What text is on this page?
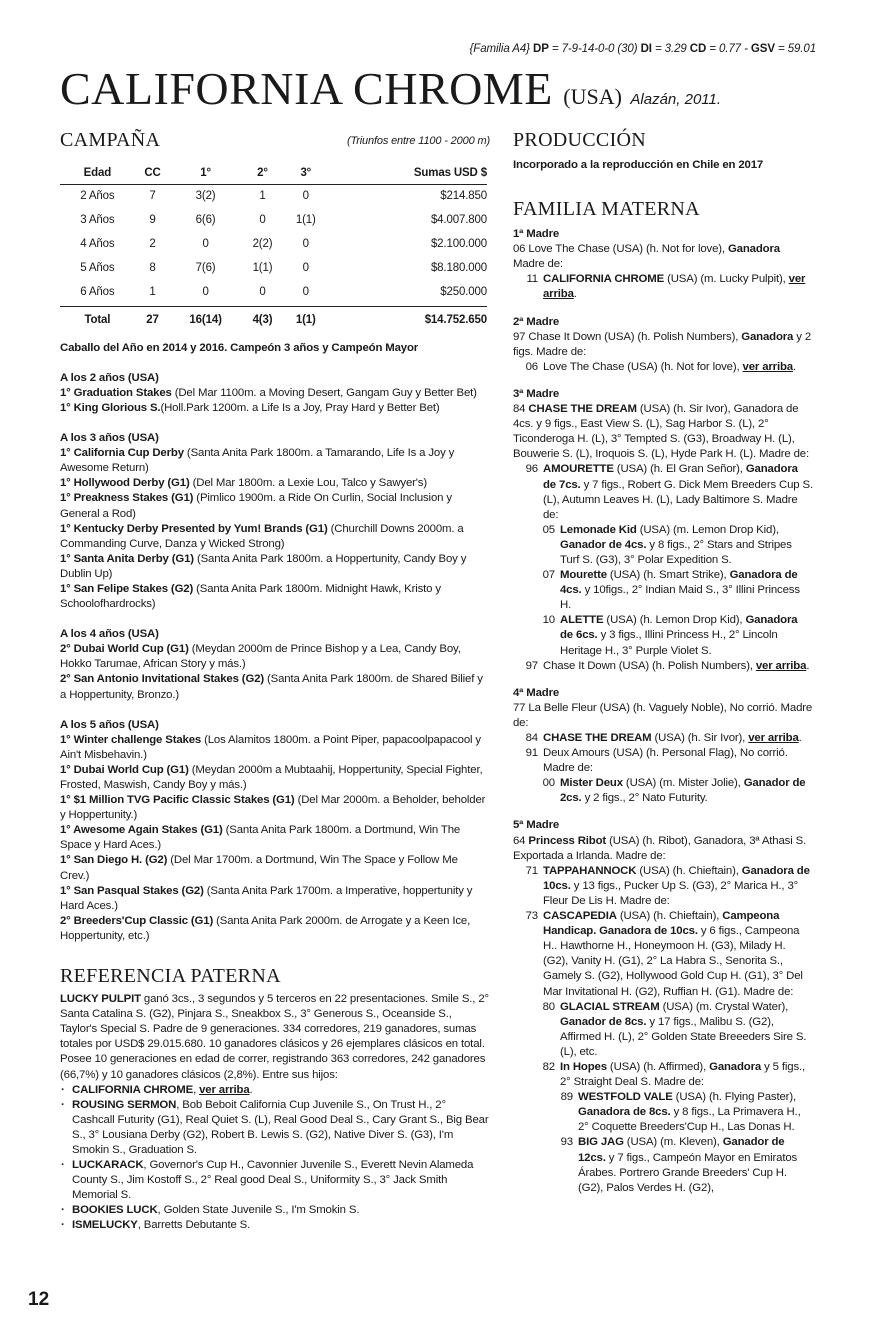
{Familia A4} DP = 7-9-14-0-0 (30) DI = 3.29 CD = 0.77 - GSV = 59.01
CALIFORNIA CHROME (USA) Alazán, 2011.
CAMPAÑA	(Triunfos entre 1100 - 2000 m)
Edad	CC	1°	2°	3°	Sumas USD $
2 Años	7	3(2)	1	0	$214.850
3 Años	9	6(6)	0	1(1)	$4.007.800
4 Años	2	0	2(2)	0	$2.100.000
5 Años	8	7(6)	1(1)	0	$8.180.000
6 Años	1	0	0	0	$250.000
Total	27	16(14)	4(3)	1(1)	$14.752.650

Caballo del Año en 2014 y 2016. Campeón 3 años y Campeón Mayor

A los 2 años (USA)

1° Graduation Stakes (Del Mar 1100m. a Moving Desert, Gangam Guy y Better Bet)

1° King Glorious S.(Holl.Park 1200m. a Life Is a Joy, Pray Hard y Better Bet)

A los 3 años (USA)

1° California Cup Derby (Santa Anita Park 1800m. a Tamarando, Life Is a Joy y Awesome Return)

1° Hollywood Derby (G1) (Del Mar 1800m. a Lexie Lou, Talco y Sawyer's)

1° Preakness Stakes (G1) (Pimlico 1900m. a Ride On Curlin, Social Inclusion y General a Rod)

1° Kentucky Derby Presented by Yum! Brands (G1) (Churchill Downs 2000m. a Commanding Curve, Danza y Wicked Strong)

1° Santa Anita Derby (G1) (Santa Anita Park 1800m. a Hoppertunity, Candy Boy y Dublin Up)

1° San Felipe Stakes (G2) (Santa Anita Park 1800m. Midnight Hawk, Kristo y Schoolofhardrocks)

A los 4 años (USA)

2° Dubai World Cup (G1) (Meydan 2000m de Prince Bishop y a Lea, Candy Boy, Hokko Tarumae, African Story y más.)

2° San Antonio Invitational Stakes (G2) (Santa Anita Park 1800m. de Shared Bilief y a Hoppertunity, Bronzo.)

A los 5 años (USA)

1° Winter challenge Stakes (Los Alamitos 1800m. a Point Piper, papacoolpapacool y Ain't Misbehavin.)

1° Dubai World Cup (G1) (Meydan 2000m a Mubtaahij, Hoppertunity, Special Fighter, Frosted, Maswish, Candy Boy y más.)

1° $1 Million TVG Pacific Classic Stakes (G1) (Del Mar 2000m. a Beholder, beholder y Hoppertunity.)

1° Awesome Again Stakes (G1) (Santa Anita Park 1800m. a Dortmund, Win The Space y Hard Aces.)

1° San Diego H. (G2) (Del Mar 1700m. a Dortmund, Win The Space y Follow Me Crev.)

1° San Pasqual Stakes (G2) (Santa Anita Park 1700m. a Imperative, hoppertunity y Hard Aces.)

2° Breeders'Cup Classic (G1) (Santa Anita Park 2000m. de Arrogate y a Keen Ice, Hoppertunity, etc.)

REFERENCIA PATERNA

LUCKY PULPIT ganó 3cs., 3 segundos y 5 terceros en 22 presentaciones. Smile S., 2° Santa Catalina S. (G2), Pinjara S., Sneakbox S., 3° Generous S., Oceanside S., Taylor's Special S. Padre de 9 generaciones. 334 corredores, 219 ganadores, sumas totales por USD$ 29.015.680. 10 ganadores clásicos y 26 ejemplares clásicos en total. Posee 10 generaciones en edad de correr, registrando 363 corredores, 242 ganadores (66,7%) y 10 ganadores clásicos (2,8%). Entre sus hijos:

· CALIFORNIA CHROME, ver arriba.
· ROUSING SERMON, Bob Beboit California Cup Juvenile S., On Trust H., 2° Cashcall Futurity (G1), Real Quiet S. (L), Real Good Deal S., Cary Grant S., Big Bear S., 3° Lousiana Derby (G2), Robert B. Lewis S. (G2), Native Diver S. (G3), I'm Smokin S., Graduation S.
· LUCKARACK, Governor's Cup H., Cavonnier Juvenile S., Everett Nevin Alameda County S., Jim Kostoff S., 2° Real good Deal S., Uniformity S., 3° Jack Smith Memorial S.
· BOOKIES LUCK, Golden State Juvenile S., I'm Smokin S.
· ISMELUCKY, Barretts Debutante S.
PRODUCCIÓN

Incorporado a la reproducción en Chile en 2017

FAMILIA MATERNA

1ª Madre

06 Love The Chase (USA) (h. Not for love), Ganadora

Madre de:

11 CALIFORNIA CHROME (USA) (m. Lucky Pulpit), ver arriba.

2ª Madre

97 Chase It Down (USA) (h. Polish Numbers), Ganadora y 2 figs. Madre de:

06 Love The Chase (USA) (h. Not for love), ver arriba.

3ª Madre

84 CHASE THE DREAM (USA) (h. Sir Ivor), Ganadora de 4cs. y 9 figs., East View S. (L), Sag Harbor S. (L), 2° Ticonderoga H. (L), 3° Tempted S. (G3), Broadway H. (L), Bouwerie S. (L), Iroquois S. (L), Hyde Park H. (L). Madre de:

96 AMOURETTE (USA) (h. El Gran Señor), Ganadora de 7cs. y 7 figs., Robert G. Dick Mem Breeders Cup S. (L), Autumn Leaves H. (L), Lady Baltimore S. Madre de:
05 Lemonade Kid (USA) (m. Lemon Drop Kid), Ganador de 4cs. y 8 figs., 2° Stars and Stripes Turf S. (G3), 3° Polar Expedition S.
07 Mourette (USA) (h. Smart Strike), Ganadora de 4cs. y 10figs., 2° Indian Maid S., 3° Illini Princess H.
10 ALETTE (USA) (h. Lemon Drop Kid), Ganadora de 6cs. y 3 figs., Illini Princess H., 2° Lincoln Heritage H., 3° Purple Violet S.
97 Chase It Down (USA) (h. Polish Numbers), ver arriba.

4ª Madre

77 La Belle Fleur (USA) (h. Vaguely Noble), No corrió. Madre de:

84 CHASE THE DREAM (USA) (h. Sir Ivor), ver arriba.
91 Deux Amours (USA) (h. Personal Flag), No corrió. Madre de:
00 Mister Deux (USA) (m. Mister Jolie), Ganador de 2cs. y 2 figs., 2° Nato Futurity.

5ª Madre

64 Princess Ribot (USA) (h. Ribot), Ganadora, 3ª Athasi S. Exportada a Irlanda. Madre de:

71 TAPPAHANNOCK (USA) (h. Chieftain), Ganadora de 10cs. y 13 figs., Pucker Up S. (G3), 2° Marica H., 3° Fleur De Lis H. Madre de:
73 CASCAPEDIA (USA) (h. Chieftain), Campeona Handicap. Ganadora de 10cs. y 6 figs., Campeona H.. Hawthorne H., Honeymoon H. (G3), Milady H. (G2), Vanity H. (G1), 2° La Habra S., Senorita S., Gamely S. (G2), Hollywood Gold Cup H. (G1), 3° Del Mar Invitational H. (G2), Ruffian H. (G1). Madre de:
80 GLACIAL STREAM (USA) (m. Crystal Water), Ganador de 8cs. y 17 figs., Malibu S. (G2), Affirmed H. (L), 2° Golden State Breeeders Sire S. (L), etc.
82 In Hopes (USA) (h. Affirmed), Ganadora y 5 figs., 2° Straight Deal S. Madre de:
89 WESTFOLD VALE (USA) (h. Flying Paster), Ganadora de 8cs. y 8 figs., La Primavera H., 2° Coquette Breeders'Cup H., Las Donas H.
93 BIG JAG (USA) (m. Kleven), Ganador de 12cs. y 7 figs., Campeón Mayor en Emiratos Árabes. Portrero Grande Breeders' Cup H. (G2), Palos Verdes H. (G2),
12
